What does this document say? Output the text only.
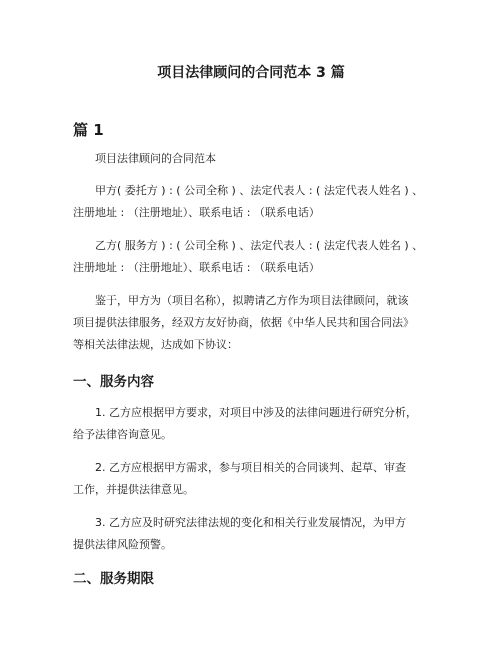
项目法律顾问的合同范本 3 篇
篇 1
项目法律顾问的合同范本
甲方( 委托方 ) : ( 公司全称 ) 、法定代表人 : ( 法定代表人姓名 ) 、
注册地址 : （注册地址）、联系电话 : （联系电话）
乙方( 服务方 ) : ( 公司全称 ) 、法定代表人 : ( 法定代表人姓名 ) 、
注册地址 : （注册地址）、联系电话 : （联系电话）
鉴于，甲方为（项目名称），拟聘请乙方作为项目法律顾问，就该
项目提供法律服务，经双方友好协商，依据《中华人民共和国合同法》
等相关法律法规，达成如下协议：
一、服务内容
1. 乙方应根据甲方要求，对项目中涉及的法律问题进行研究分析，
给予法律咨询意见。
2. 乙方应根据甲方需求，参与项目相关的合同谈判、起草、审查
工作，并提供法律意见。
3. 乙方应及时研究法律法规的变化和相关行业发展情况，为甲方
提供法律风险预警。
二、服务期限
